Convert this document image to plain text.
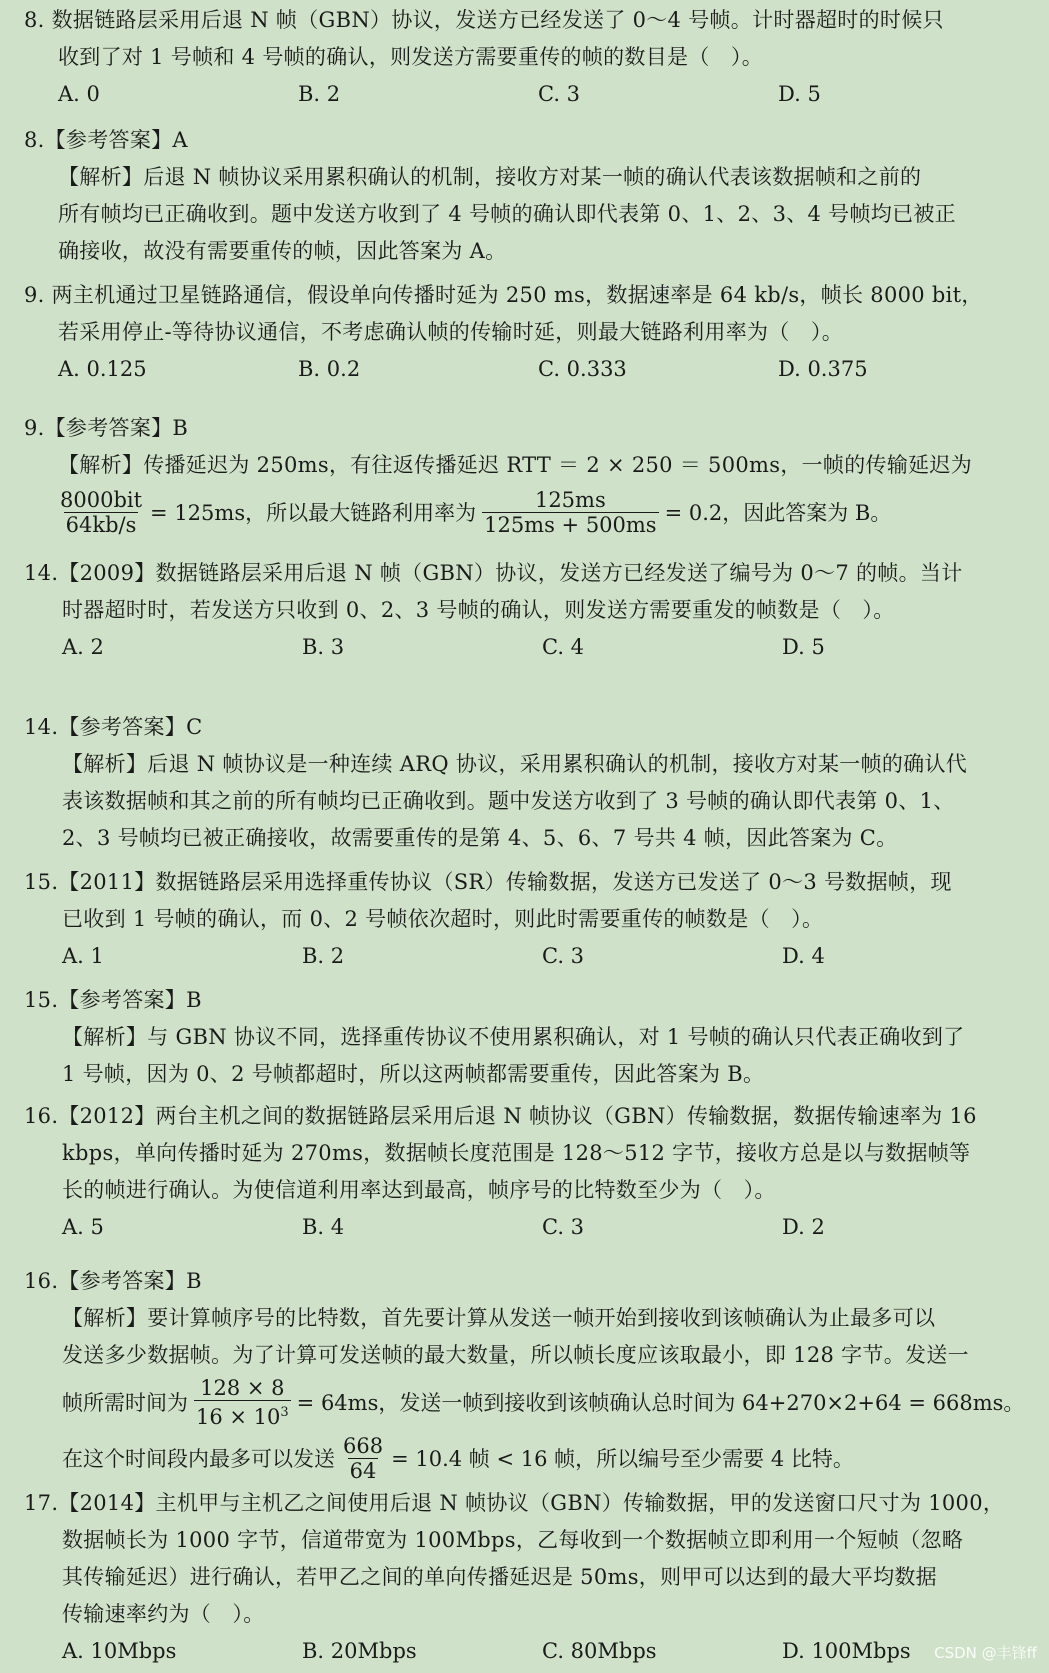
8. 数据链路层采用后退 N 帧（GBN）协议，发送方已经发送了 0～4 号帧。计时器超时的时候只
收到了对 1 号帧和 4 号帧的确认，则发送方需要重传的帧的数目是（　）。
A. 0	B. 2	C. 3	D. 5
8.【参考答案】A
【解析】后退 N 帧协议采用累积确认的机制，接收方对某一帧的确认代表该数据帧和之前的
所有帧均已正确收到。题中发送方收到了 4 号帧的确认即代表第 0、1、2、3、4 号帧均已被正
确接收，故没有需要重传的帧，因此答案为 A。
9. 两主机通过卫星链路通信，假设单向传播时延为 250 ms，数据速率是 64 kb/s，帧长 8000 bit，
若采用停止-等待协议通信，不考虑确认帧的传输时延，则最大链路利用率为（　）。
A. 0.125	B. 0.2	C. 0.333	D. 0.375
9.【参考答案】B
【解析】传播延迟为 250ms，有往返传播延迟 RTT ＝ 2 × 250 ＝ 500ms，一帧的传输延迟为
$\frac{\text{8000bit}}{64kb/s} = 125ms$，所以最大链路利用率为 $\frac{125ms}{125ms + 500ms} = 0.2$，因此答案为 B。
14.【2009】数据链路层采用后退 N 帧（GBN）协议，发送方已经发送了编号为 0～7 的帧。当计
时器超时时，若发送方只收到 0、2、3 号帧的确认，则发送方需要重发的帧数是（　）。
A. 2	B. 3	C. 4	D. 5
14.【参考答案】C
【解析】后退 N 帧协议是一种连续 ARQ 协议，采用累积确认的机制，接收方对某一帧的确认代
表该数据帧和其之前的所有帧均已正确收到。题中发送方收到了 3 号帧的确认即代表第 0、1、
2、3 号帧均已被正确接收，故需要重传的是第 4、5、6、7 号共 4 帧，因此答案为 C。
15.【2011】数据链路层采用选择重传协议（SR）传输数据，发送方已发送了 0～3 号数据帧，现
已收到 1 号帧的确认，而 0、2 号帧依次超时，则此时需要重传的帧数是（　）。
A. 1	B. 2	C. 3	D. 4
15.【参考答案】B
【解析】与 GBN 协议不同，选择重传协议不使用累积确认，对 1 号帧的确认只代表正确收到了
1 号帧，因为 0、2 号帧都超时，所以这两帧都需要重传，因此答案为 B。
16.【2012】两台主机之间的数据链路层采用后退 N 帧协议（GBN）传输数据，数据传输速率为 16
kbps，单向传播时延为 270ms，数据帧长度范围是 128～512 字节，接收方总是以与数据帧等
长的帧进行确认。为使信道利用率达到最高，帧序号的比特数至少为（　）。
A. 5	B. 4	C. 3	D. 2
16.【参考答案】B
【解析】要计算帧序号的比特数，首先要计算从发送一帧开始到接收到该帧确认为止最多可以
发送多少数据帧。为了计算可发送帧的最大数量，所以帧长度应该取最小，即 128 字节。发送一
帧所需时间为 $\frac{128 \times 8}{16 \times 10^3} = 64ms$，发送一帧到接收到该帧确认总时间为 64+270×2+64 = 668ms。
在这个时间段内最多可以发送 $\frac{668}{64} = 10.4$ 帧 < 16 帧，所以编号至少需要 4 比特。
17.【2014】主机甲与主机乙之间使用后退 N 帧协议（GBN）传输数据，甲的发送窗口尺寸为 1000，
数据帧长为 1000 字节，信道带宽为 100Mbps，乙每收到一个数据帧立即利用一个短帧（忽略
其传输延迟）进行确认，若甲乙之间的单向传播延迟是 50ms，则甲可以达到的最大平均数据
传输速率约为（　）。
A. 10Mbps	B. 20Mbps	C. 80Mbps	D. 100Mbps	CSDN @丰锋ff
